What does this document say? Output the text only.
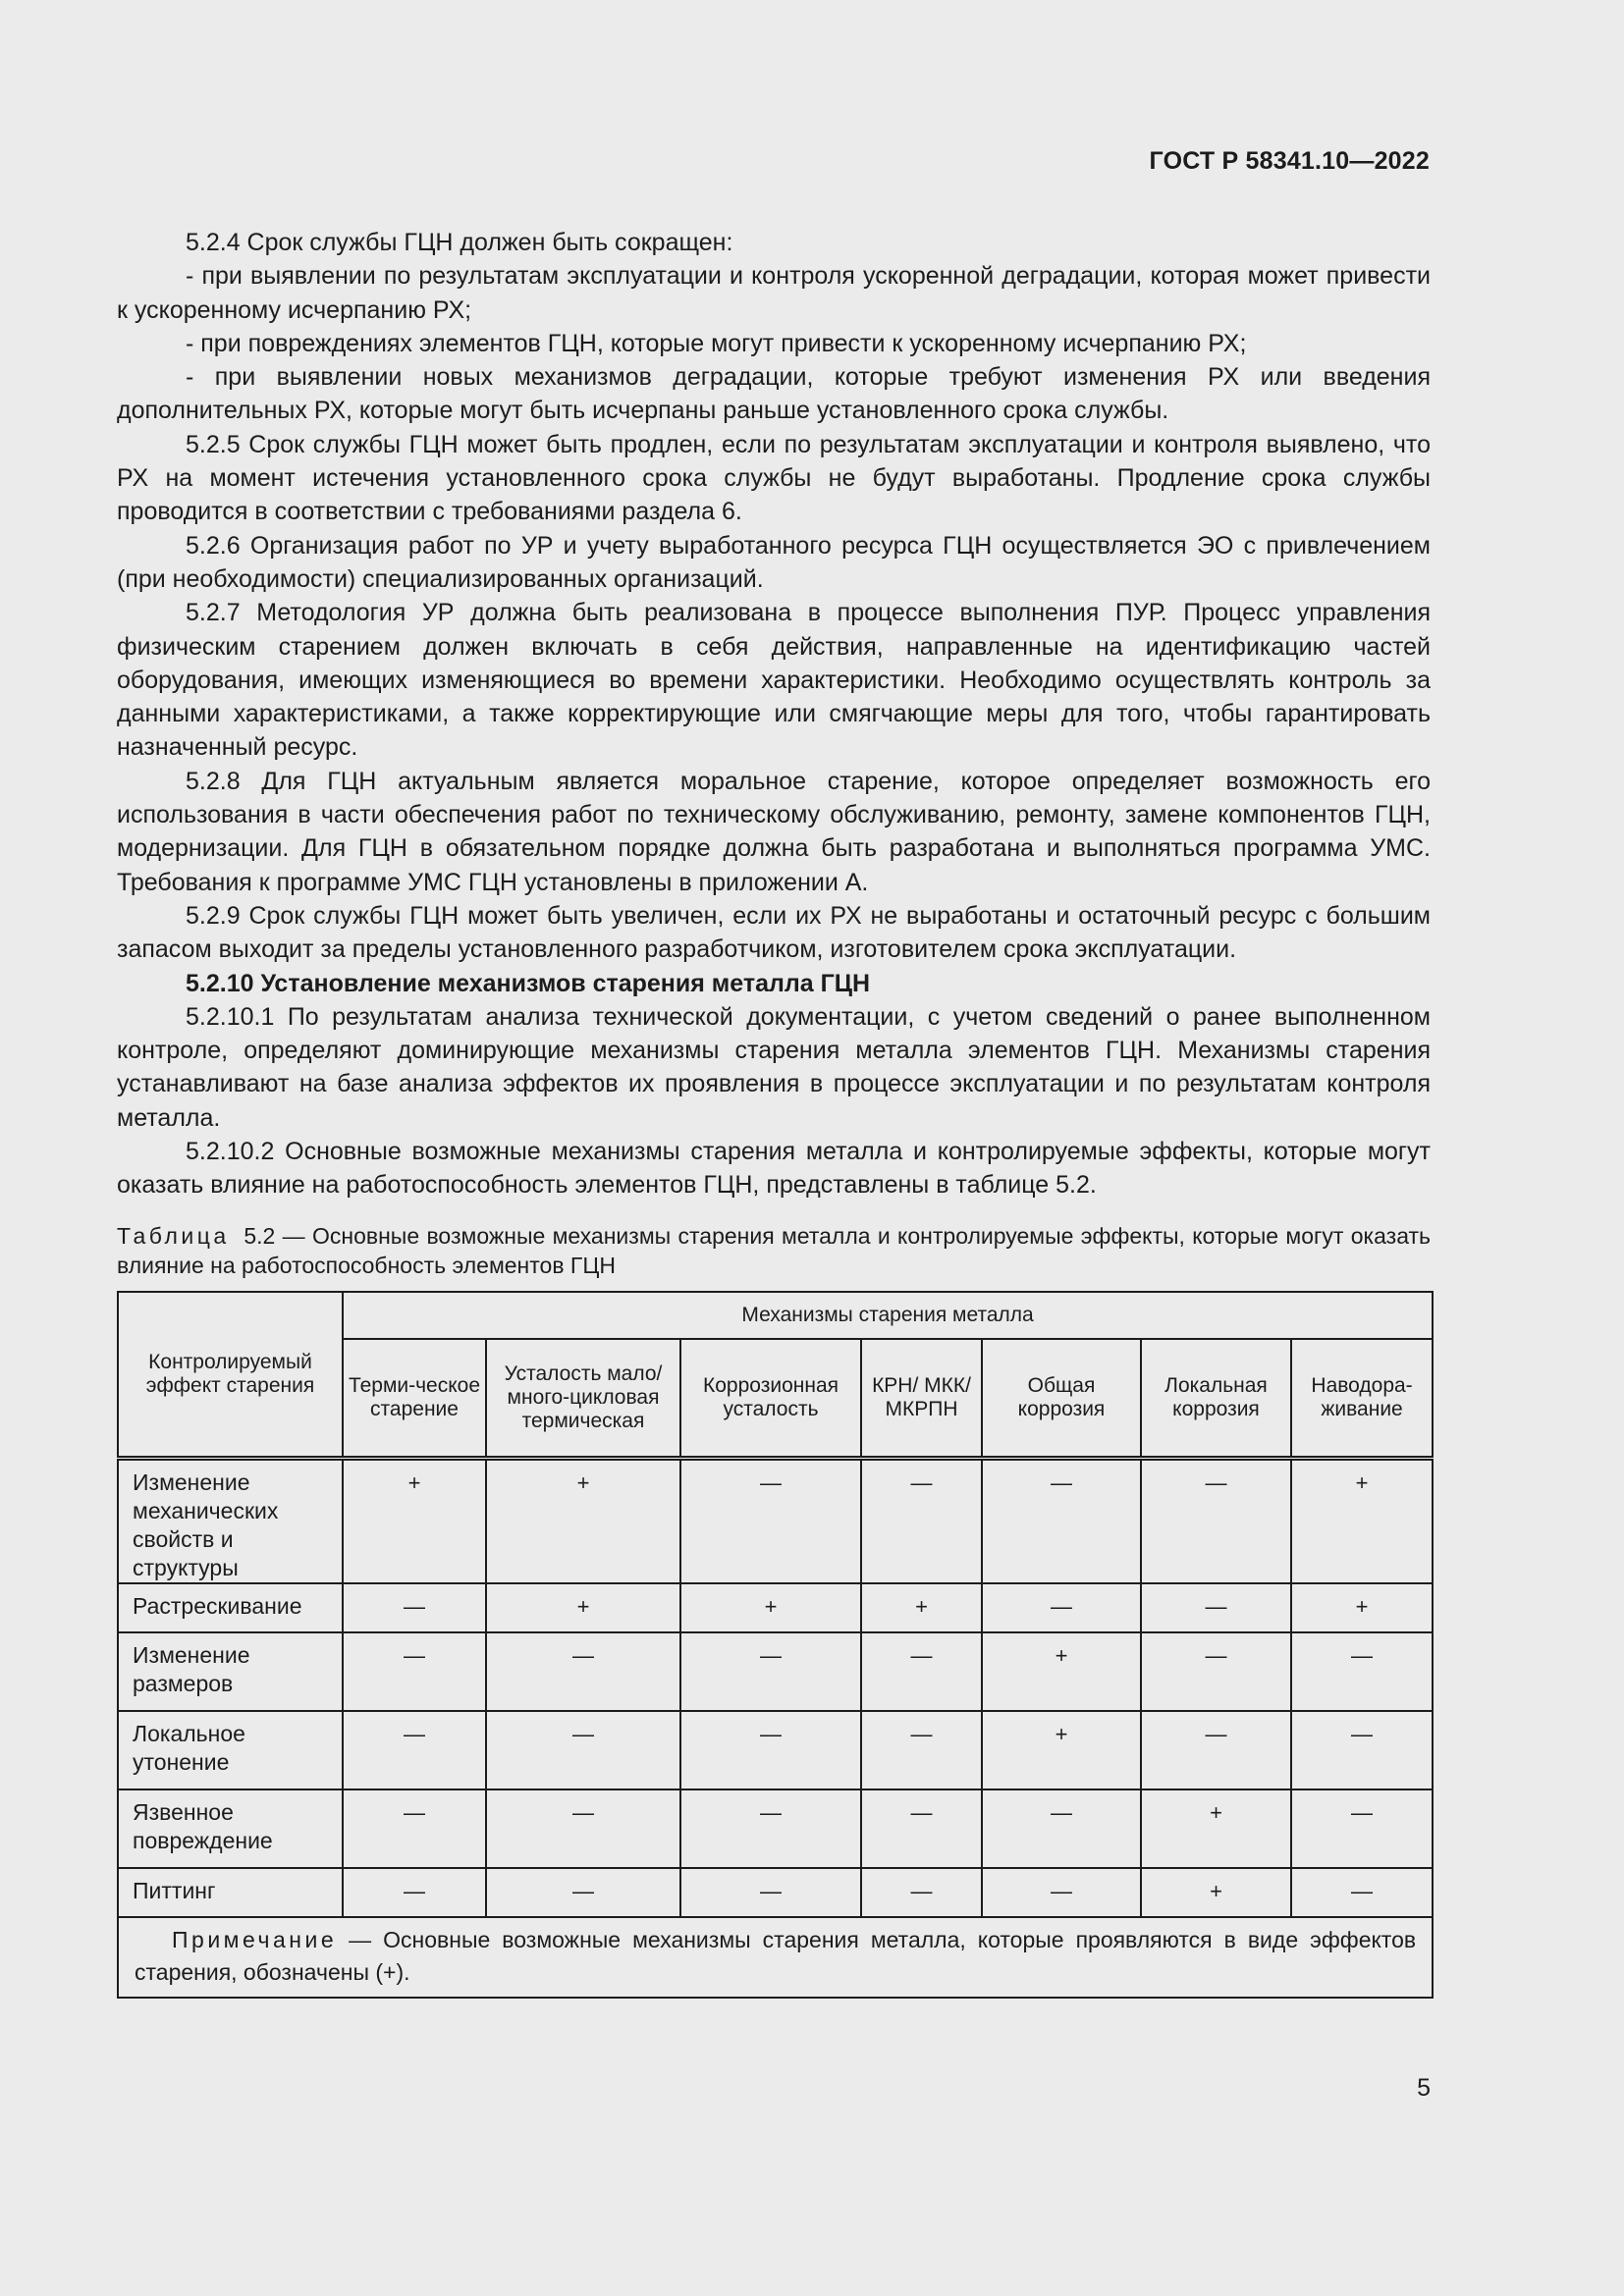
ГОСТ Р 58341.10—2022

5.2.4 Срок службы ГЦН должен быть сокращен:

- при выявлении по результатам эксплуатации и контроля ускоренной деградации, которая может привести к ускоренному исчерпанию РХ;

- при повреждениях элементов ГЦН, которые могут привести к ускоренному исчерпанию РХ;

- при выявлении новых механизмов деградации, которые требуют изменения РХ или введения дополнительных РХ, которые могут быть исчерпаны раньше установленного срока службы.

5.2.5 Срок службы ГЦН может быть продлен, если по результатам эксплуатации и контроля выявлено, что РХ на момент истечения установленного срока службы не будут выработаны. Продление срока службы проводится в соответствии с требованиями раздела 6.

5.2.6 Организация работ по УР и учету выработанного ресурса ГЦН осуществляется ЭО с привлечением (при необходимости) специализированных организаций.

5.2.7 Методология УР должна быть реализована в процессе выполнения ПУР. Процесс управления физическим старением должен включать в себя действия, направленные на идентификацию частей оборудования, имеющих изменяющиеся во времени характеристики. Необходимо осуществлять контроль за данными характеристиками, а также корректирующие или смягчающие меры для того, чтобы гарантировать назначенный ресурс.

5.2.8 Для ГЦН актуальным является моральное старение, которое определяет возможность его использования в части обеспечения работ по техническому обслуживанию, ремонту, замене компонентов ГЦН, модернизации. Для ГЦН в обязательном порядке должна быть разработана и выполняться программа УМС. Требования к программе УМС ГЦН установлены в приложении А.

5.2.9 Срок службы ГЦН может быть увеличен, если их РХ не выработаны и остаточный ресурс с большим запасом выходит за пределы установленного разработчиком, изготовителем срока эксплуатации.

5.2.10 Установление механизмов старения металла ГЦН

5.2.10.1 По результатам анализа технической документации, с учетом сведений о ранее выполненном контроле, определяют доминирующие механизмы старения металла элементов ГЦН. Механизмы старения устанавливают на базе анализа эффектов их проявления в процессе эксплуатации и по результатам контроля металла.

5.2.10.2 Основные возможные механизмы старения металла и контролируемые эффекты, которые могут оказать влияние на работоспособность элементов ГЦН, представлены в таблице 5.2.

Таблица 5.2 — Основные возможные механизмы старения металла и контролируемые эффекты, которые могут оказать влияние на работоспособность элементов ГЦН
Контролируемый эффект старения	Механизмы старения металла						
	Терми-ческое старение	Усталость мало/много-цикловая термическая	Коррозионная усталость	КРН/ МКК/ МКРПН	Общая коррозия	Локальная коррозия	Наводора-живание
Изменение механических свойств и структуры	+	+	—	—	—	—	+
Растрескивание	—	+	+	+	—	—	+
Изменение размеров	—	—	—	—	+	—	—
Локальное утонение	—	—	—	—	+	—	—
Язвенное повреждение	—	—	—	—	—	+	—
Питтинг	—	—	—	—	—	+	—
Примечание — Основные возможные механизмы старения металла, которые проявляются в виде эффектов старения, обозначены (+).							
5
